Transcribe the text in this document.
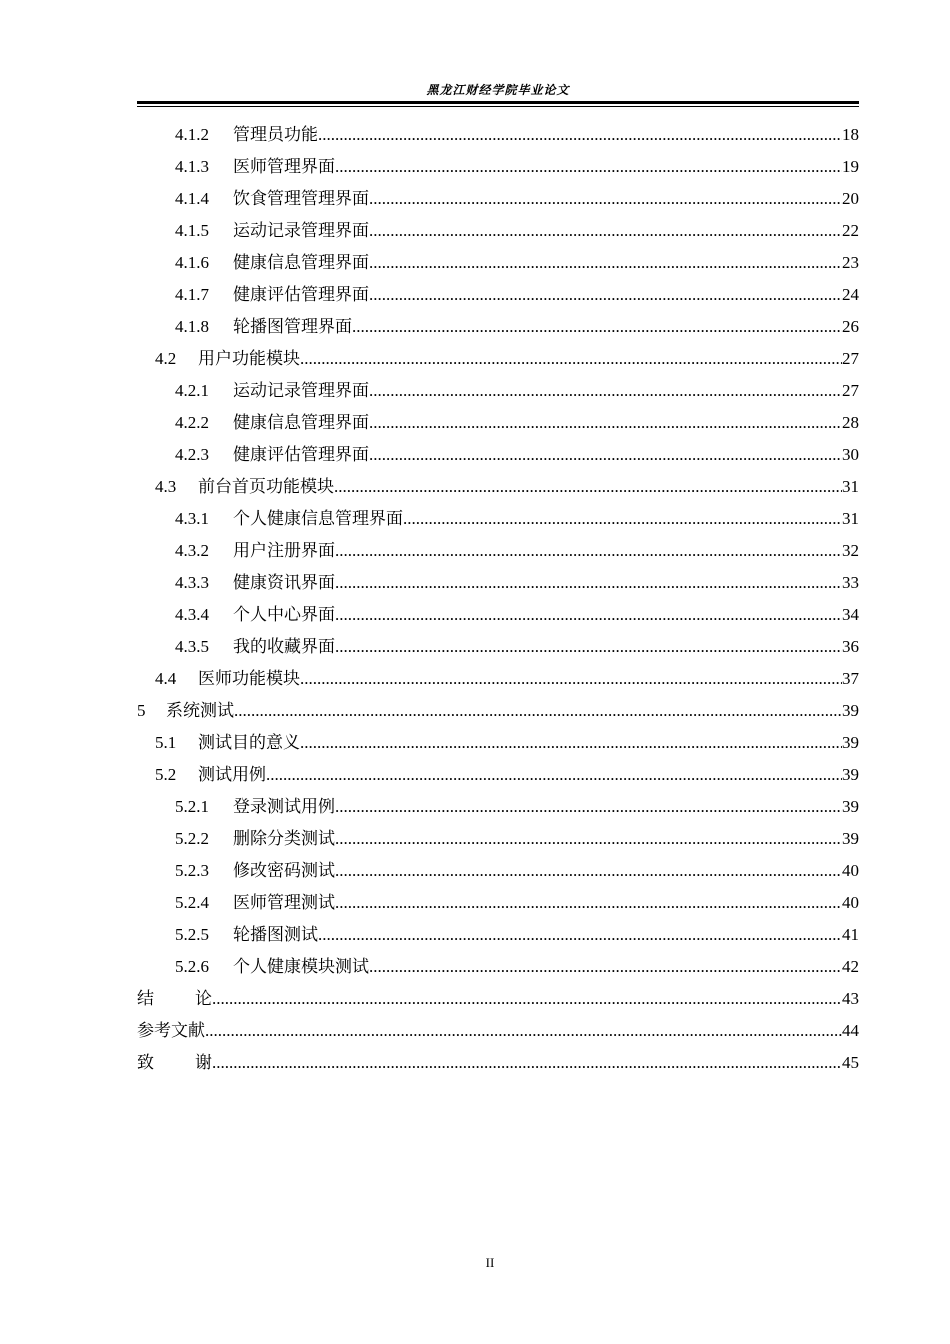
黑龙江财经学院毕业论文
4.1.2	管理员功能 .....	18
4.1.3	医师管理界面 .....	19
4.1.4	饮食管理管理界面 .....	20
4.1.5	运动记录管理界面 .....	22
4.1.6	健康信息管理界面 .....	23
4.1.7	健康评估管理界面 .....	24
4.1.8	轮播图管理界面 .....	26
4.2	用户功能模块 .....	27
4.2.1	运动记录管理界面 .....	27
4.2.2	健康信息管理界面 .....	28
4.2.3	健康评估管理界面 .....	30
4.3	前台首页功能模块 .....	31
4.3.1	个人健康信息管理界面 .....	31
4.3.2	用户注册界面 .....	32
4.3.3	健康资讯界面 .....	33
4.3.4	个人中心界面 .....	34
4.3.5	我的收藏界面 .....	36
4.4	医师功能模块 .....	37
5	系统测试 .....	39
5.1	测试目的意义 .....	39
5.2	测试用例 .....	39
5.2.1	登录测试用例 .....	39
5.2.2	删除分类测试 .....	39
5.2.3	修改密码测试 .....	40
5.2.4	医师管理测试 .....	40
5.2.5	轮播图测试 .....	41
5.2.6	个人健康模块测试 .....	42
结论 .....	43
参考文献 .....	44
致谢 .....	45
II
